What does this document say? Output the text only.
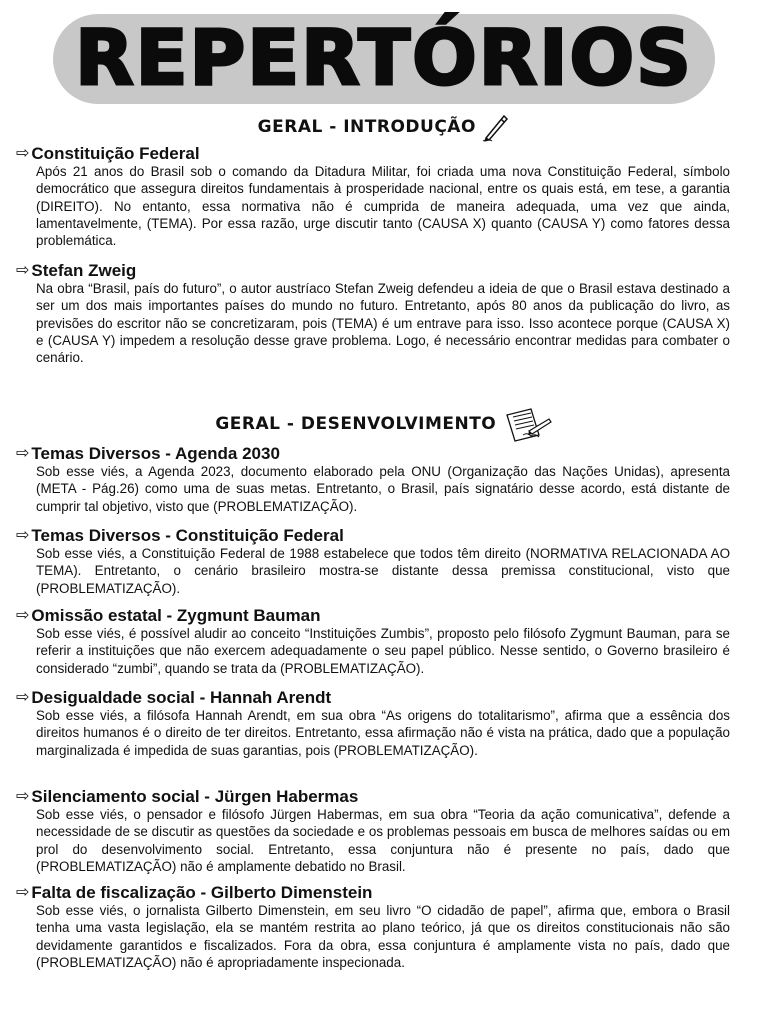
REPERTÓRIOS
GERAL - INTRODUÇÃO
⇨ Constituição Federal
Após 21 anos do Brasil sob o comando da Ditadura Militar, foi criada uma nova Constituição Federal, símbolo democrático que assegura direitos fundamentais à prosperidade nacional, entre os quais está, em tese, a garantia (DIREITO). No entanto, essa normativa não é cumprida de maneira adequada, uma vez que ainda, lamentavelmente, (TEMA). Por essa razão, urge discutir tanto (CAUSA X) quanto (CAUSA Y) como fatores dessa problemática.
⇨ Stefan Zweig
Na obra “Brasil, país do futuro”, o autor austríaco Stefan Zweig defendeu a ideia de que o Brasil estava destinado a ser um dos mais importantes países do mundo no futuro. Entretanto, após 80 anos da publicação do livro, as previsões do escritor não se concretizaram, pois (TEMA) é um entrave para isso. Isso acontece porque (CAUSA X) e (CAUSA Y) impedem a resolução desse grave problema. Logo, é necessário encontrar medidas para combater o cenário.
GERAL - DESENVOLVIMENTO
⇨ Temas Diversos - Agenda 2030
Sob esse viés, a Agenda 2023, documento elaborado pela ONU (Organização das Nações Unidas), apresenta (META - Pág.26) como uma de suas metas. Entretanto, o Brasil, país signatário desse acordo, está distante de cumprir tal objetivo, visto que (PROBLEMATIZAÇÃO).
⇨ Temas Diversos - Constituição Federal
Sob esse viés, a Constituição Federal de 1988 estabelece que todos têm direito (NORMATIVA RELACIONADA AO TEMA). Entretanto, o cenário brasileiro mostra-se distante dessa premissa constitucional, visto que (PROBLEMATIZAÇÃO).
⇨ Omissão estatal - Zygmunt Bauman
Sob esse viés, é possível aludir ao conceito “Instituições Zumbis”, proposto pelo filósofo Zygmunt Bauman, para se referir a instituições que não exercem adequadamente o seu papel público. Nesse sentido, o Governo brasileiro é considerado “zumbi”, quando se trata da (PROBLEMATIZAÇÃO).
⇨ Desigualdade social - Hannah Arendt
Sob esse viés, a filósofa Hannah Arendt, em sua obra “As origens do totalitarismo”, afirma que a essência dos direitos humanos é o direito de ter direitos. Entretanto, essa afirmação não é vista na prática, dado que a população marginalizada é impedida de suas garantias, pois (PROBLEMATIZAÇÃO).
⇨ Silenciamento social - Jürgen Habermas
Sob esse viés, o pensador e filósofo Jürgen Habermas, em sua obra “Teoria da ação comunicativa”, defende a necessidade de se discutir as questões da sociedade e os problemas pessoais em busca de melhores saídas ou em prol do desenvolvimento social. Entretanto, essa conjuntura não é presente no país, dado que (PROBLEMATIZAÇÃO) não é amplamente debatido no Brasil.
⇨ Falta de fiscalização - Gilberto Dimenstein
Sob esse viés, o jornalista Gilberto Dimenstein, em seu livro “O cidadão de papel”, afirma que, embora o Brasil tenha uma vasta legislação, ela se mantém restrita ao plano teórico, já que os direitos constitucionais não são devidamente garantidos e fiscalizados. Fora da obra, essa conjuntura é amplamente vista no país, dado que (PROBLEMATIZAÇÃO) não é apropriadamente inspecionada.
